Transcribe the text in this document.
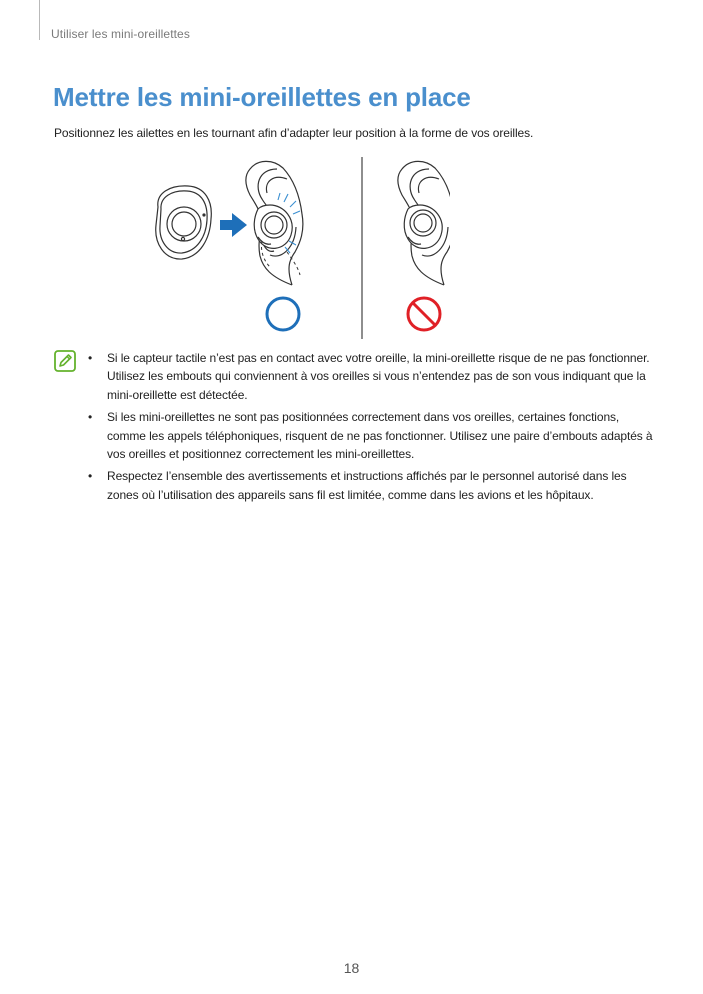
Utiliser les mini-oreillettes
Mettre les mini-oreillettes en place
Positionnez les ailettes en les tournant afin d’adapter leur position à la forme de vos oreilles.
• Si le capteur tactile n’est pas en contact avec votre oreille, la mini-oreillette risque de ne pas fonctionner. Utilisez les embouts qui conviennent à vos oreilles si vous n’entendez pas de son vous indiquant que la mini-oreillette est détectée.
• Si les mini-oreillettes ne sont pas positionnées correctement dans vos oreilles, certaines fonctions, comme les appels téléphoniques, risquent de ne pas fonctionner. Utilisez une paire d’embouts adaptés à vos oreilles et positionnez correctement les mini-oreillettes.
• Respectez l’ensemble des avertissements et instructions affichés par le personnel autorisé dans les zones où l’utilisation des appareils sans fil est limitée, comme dans les avions et les hôpitaux.
18
